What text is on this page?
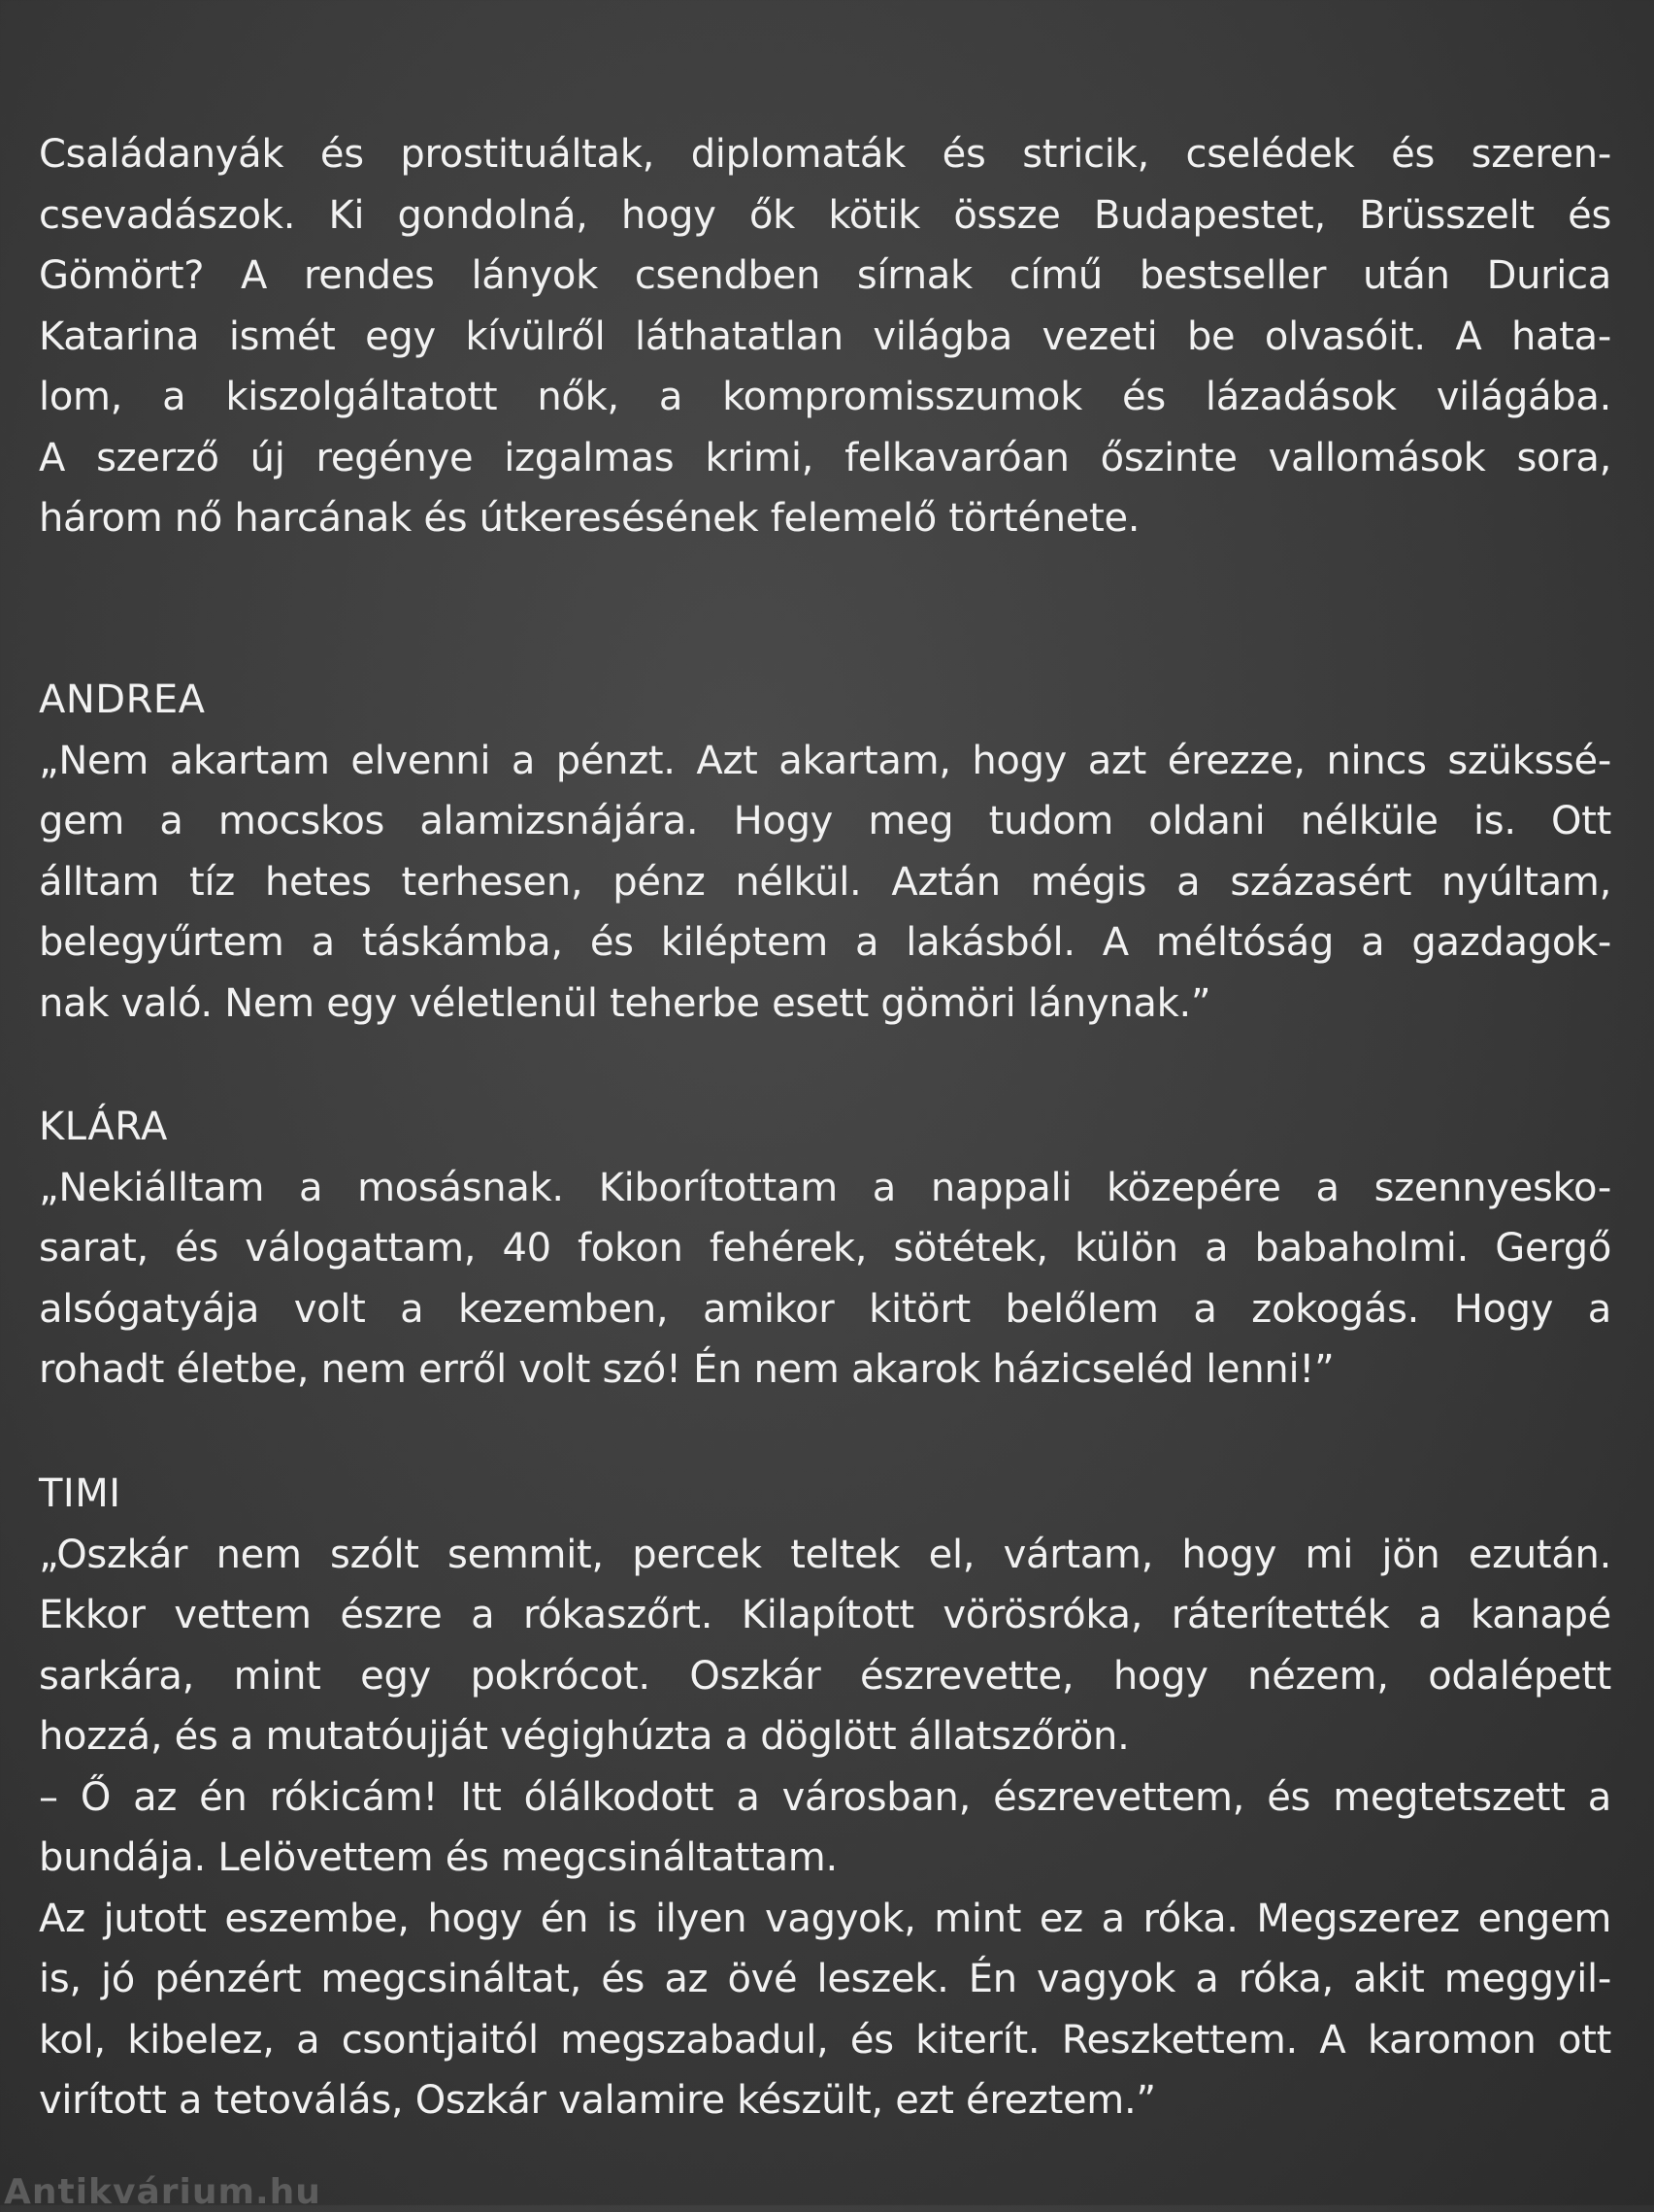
Családanyák és prostituáltak, diplomaták és stricik, cselédek és szeren-
csevadászok. Ki gondolná, hogy ők kötik össze Budapestet, Brüsszelt és
Gömört? A rendes lányok csendben sírnak című bestseller után Durica
Katarina ismét egy kívülről láthatatlan világba vezeti be olvasóit. A hata-
lom, a kiszolgáltatott nők, a kompromisszumok és lázadások világába.
A szerző új regénye izgalmas krimi, felkavaróan őszinte vallomások sora,
három nő harcának és útkeresésének felemelő története.
ANDREA
„Nem akartam elvenni a pénzt. Azt akartam, hogy azt érezze, nincs szükssé-
gem a mocskos alamizsnájára. Hogy meg tudom oldani nélküle is. Ott
álltam tíz hetes terhesen, pénz nélkül. Aztán mégis a százasért nyúltam,
belegyűrtem a táskámba, és kiléptem a lakásból. A méltóság a gazdagok-
nak való. Nem egy véletlenül teherbe esett gömöri lánynak.”
KLÁRA
„Nekiálltam a mosásnak. Kiborítottam a nappali közepére a szennyesko-
sarat, és válogattam, 40 fokon fehérek, sötétek, külön a babaholmi. Gergő
alsógatyája volt a kezemben, amikor kitört belőlem a zokogás. Hogy a
rohadt életbe, nem erről volt szó! Én nem akarok házicseléd lenni!”
TIMI
„Oszkár nem szólt semmit, percek teltek el, vártam, hogy mi jön ezután.
Ekkor vettem észre a rókaszőrt. Kilapított vörösróka, ráterítették a kanapé
sarkára, mint egy pokrócot. Oszkár észrevette, hogy nézem, odalépett
hozzá, és a mutatóujját végighúzta a döglött állatszőrön.
– Ő az én rókicám! Itt ólálkodott a városban, észrevettem, és megtetszett a
bundája. Lelövettem és megcsináltattam.
Az jutott eszembe, hogy én is ilyen vagyok, mint ez a róka. Megszerez engem
is, jó pénzért megcsináltat, és az övé leszek. Én vagyok a róka, akit meggyil-
kol, kibelez, a csontjaitól megszabadul, és kiterít. Reszkettem. A karomon ott
virított a tetoválás, Oszkár valamire készült, ezt éreztem.”
Antikvárium.hu
